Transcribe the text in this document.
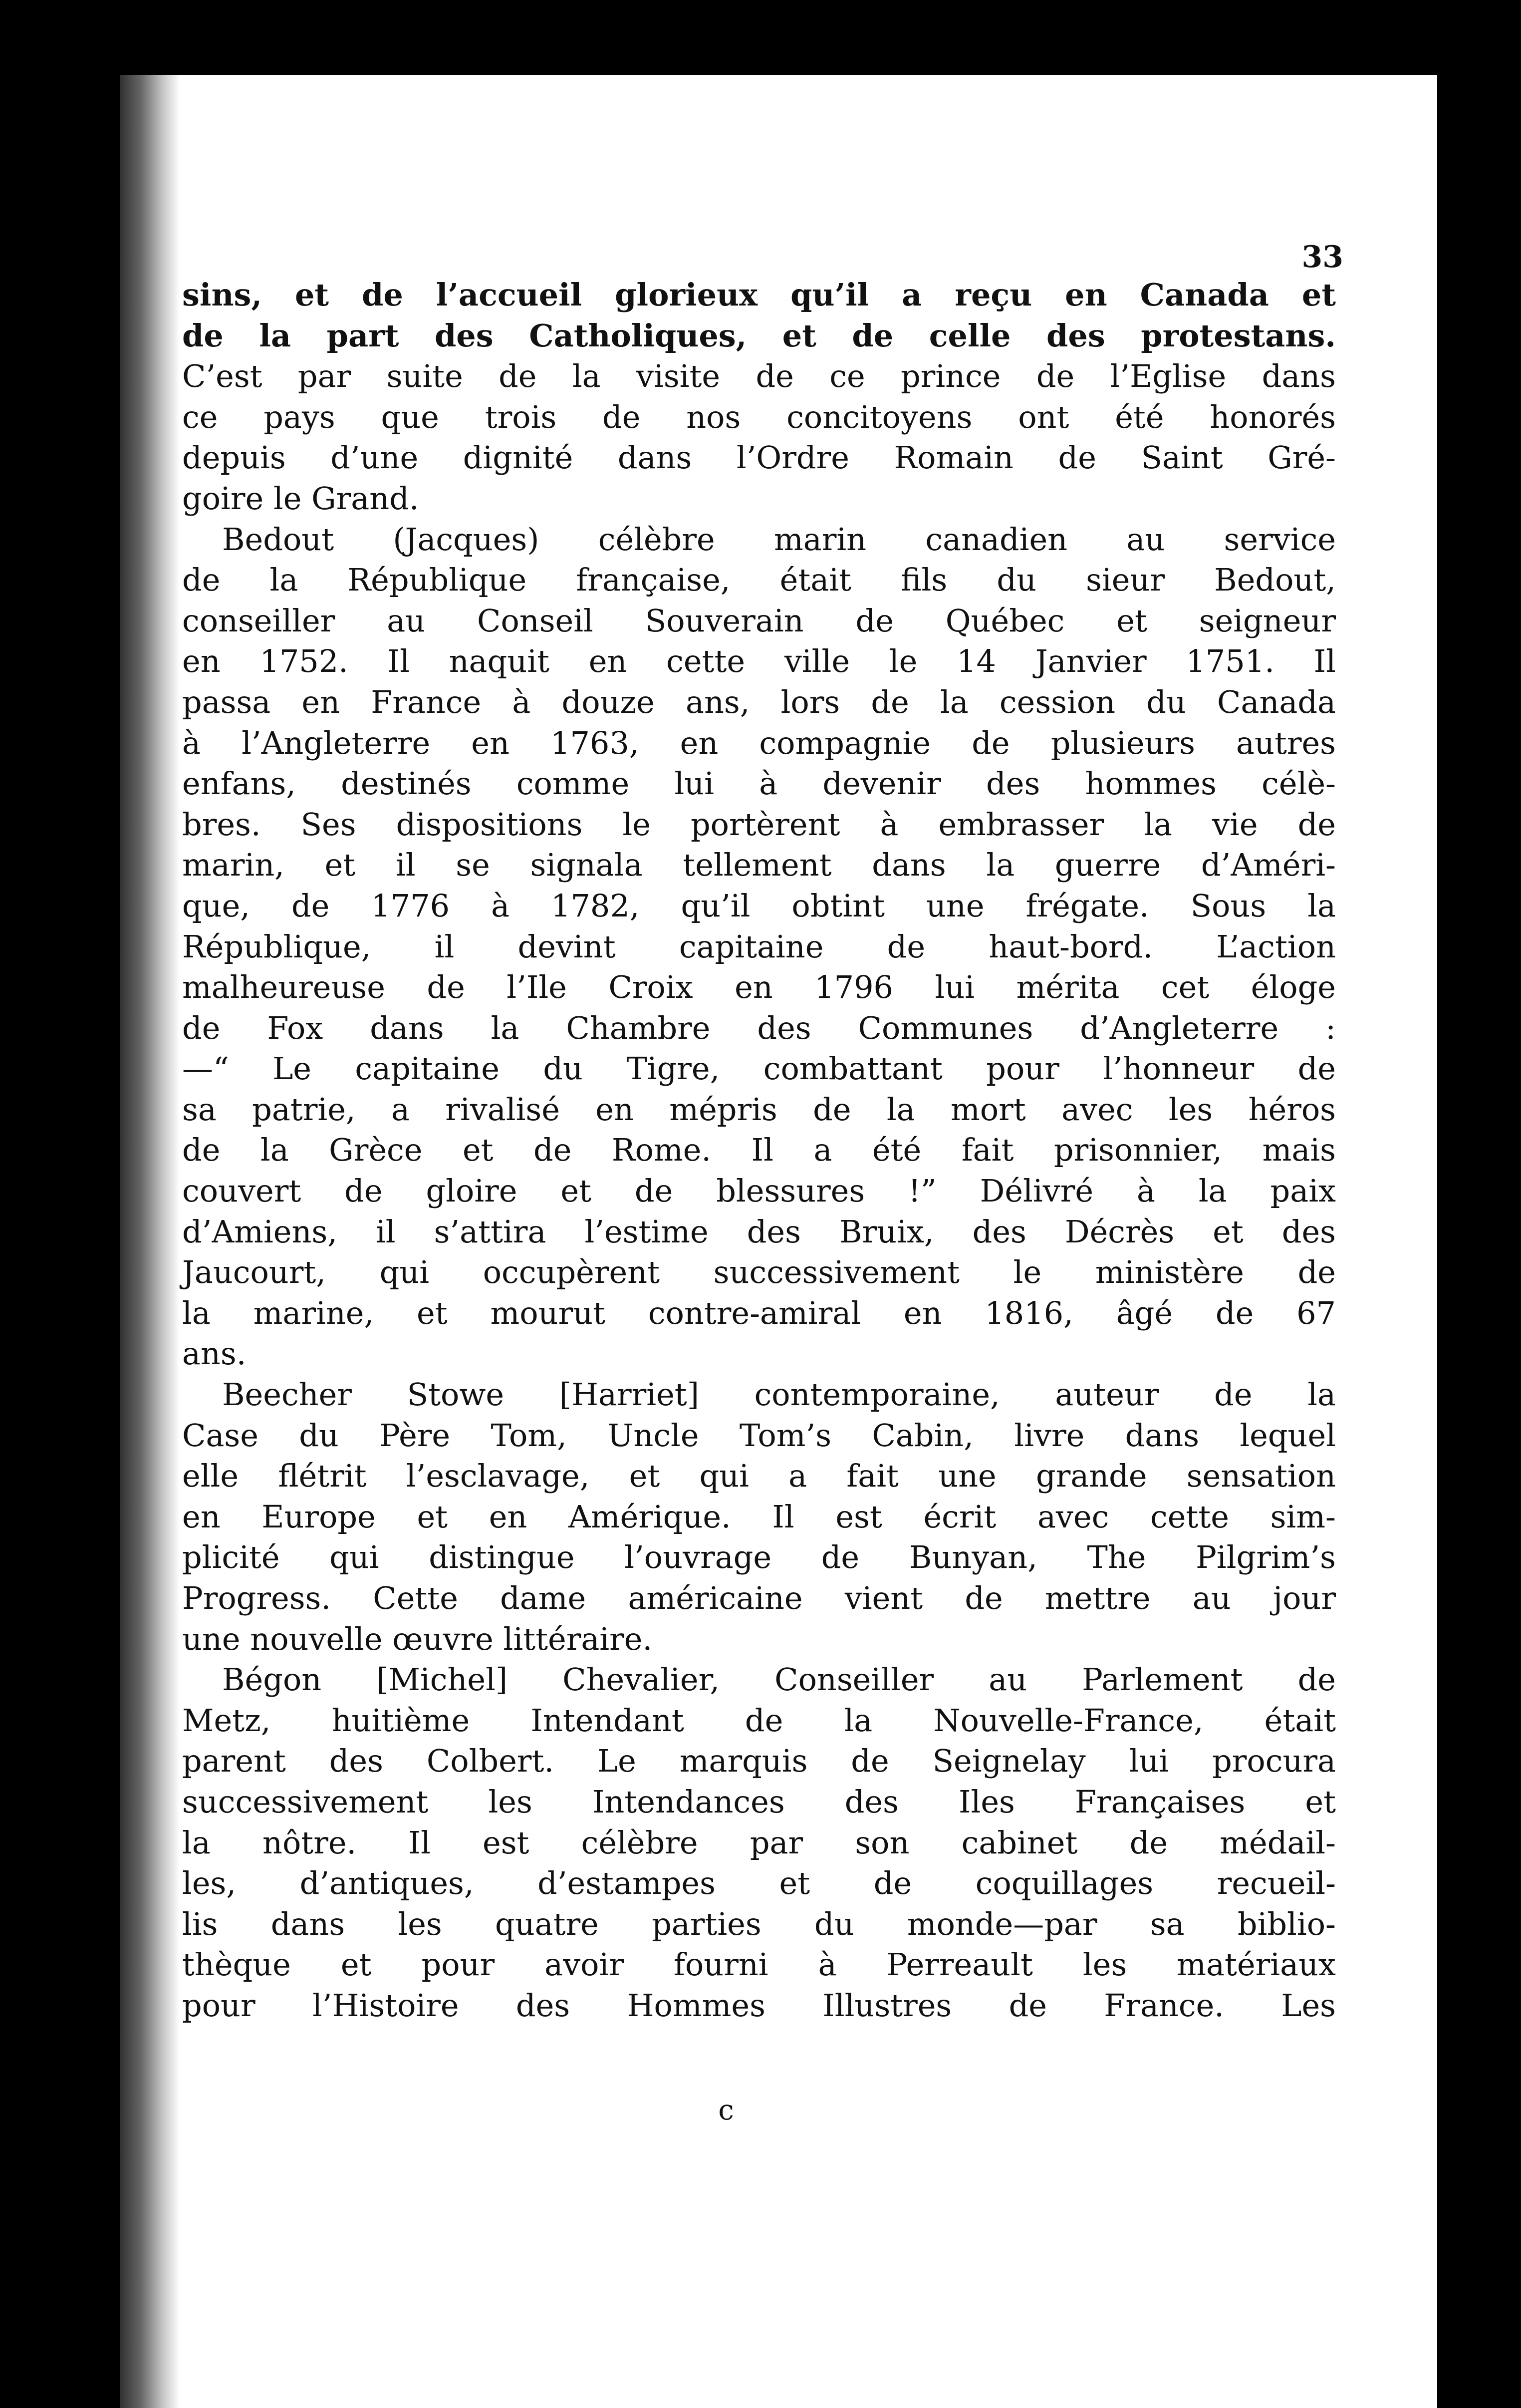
33
sins, et de l’accueil glorieux qu’il a reçu en Canada et
de la part des Catholiques, et de celle des protestans.
C’est par suite de la visite de ce prince de l’Eglise dans
ce pays que trois de nos concitoyens ont été honorés
depuis d’une dignité dans l’Ordre Romain de Saint Gré-
goire le Grand.
Bedout (Jacques) célèbre marin canadien au service
de la République française, était fils du sieur Bedout,
conseiller au Conseil Souverain de Québec et seigneur
en 1752. Il naquit en cette ville le 14 Janvier 1751. Il
passa en France à douze ans, lors de la cession du Canada
à l’Angleterre en 1763, en compagnie de plusieurs autres
enfans, destinés comme lui à devenir des hommes célè-
bres. Ses dispositions le portèrent à embrasser la vie de
marin, et il se signala tellement dans la guerre d’Améri-
que, de 1776 à 1782, qu’il obtint une frégate. Sous la
République, il devint capitaine de haut-bord. L’action
malheureuse de l’Ile Croix en 1796 lui mérita cet éloge
de Fox dans la Chambre des Communes d’Angleterre :
—“ Le capitaine du Tigre, combattant pour l’honneur de
sa patrie, a rivalisé en mépris de la mort avec les héros
de la Grèce et de Rome. Il a été fait prisonnier, mais
couvert de gloire et de blessures !” Délivré à la paix
d’Amiens, il s’attira l’estime des Bruix, des Décrès et des
Jaucourt, qui occupèrent successivement le ministère de
la marine, et mourut contre-amiral en 1816, âgé de 67
ans.
Beecher Stowe [Harriet] contemporaine, auteur de la
Case du Père Tom, Uncle Tom’s Cabin, livre dans lequel
elle flétrit l’esclavage, et qui a fait une grande sensation
en Europe et en Amérique. Il est écrit avec cette sim-
plicité qui distingue l’ouvrage de Bunyan, The Pilgrim’s
Progress. Cette dame américaine vient de mettre au jour
une nouvelle œuvre littéraire.
Bégon [Michel] Chevalier, Conseiller au Parlement de
Metz, huitième Intendant de la Nouvelle-France, était
parent des Colbert. Le marquis de Seignelay lui procura
successivement les Intendances des Iles Françaises et
la nôtre. Il est célèbre par son cabinet de médail-
les, d’antiques, d’estampes et de coquillages recueil-
lis dans les quatre parties du monde—par sa biblio-
thèque et pour avoir fourni à Perreault les matériaux
pour l’Histoire des Hommes Illustres de France. Les
c
